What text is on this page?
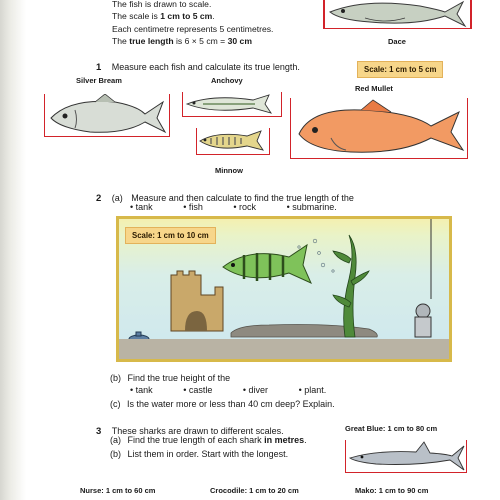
The fish is drawn to scale.
The scale is 1 cm to 5 cm.
Each centimetre represents 5 centimetres.
The true length is 6 × 5 cm = 30 cm	Dace
1 Measure each fish and calculate its true length.	Scale: 1 cm to 5 cm
Silver Bream	Anchovy
Red Mullet
Minnow
2 (a) Measure and then calculate to find the true length of the
• tank	• fish	• rock	• submarine.
Scale: 1 cm to 10 cm
(b) Find the true height of the
• tank	• castle	• diver	• plant.
(c) Is the water more or less than 40 cm deep? Explain.
3 These sharks are drawn to different scales.
(a) Find the true length of each shark in metres.
(b) List them in order. Start with the longest.
Great Blue: 1 cm to 80 cm
Nurse: 1 cm to 60 cm	Crocodile: 1 cm to 20 cm	Mako: 1 cm to 90 cm
